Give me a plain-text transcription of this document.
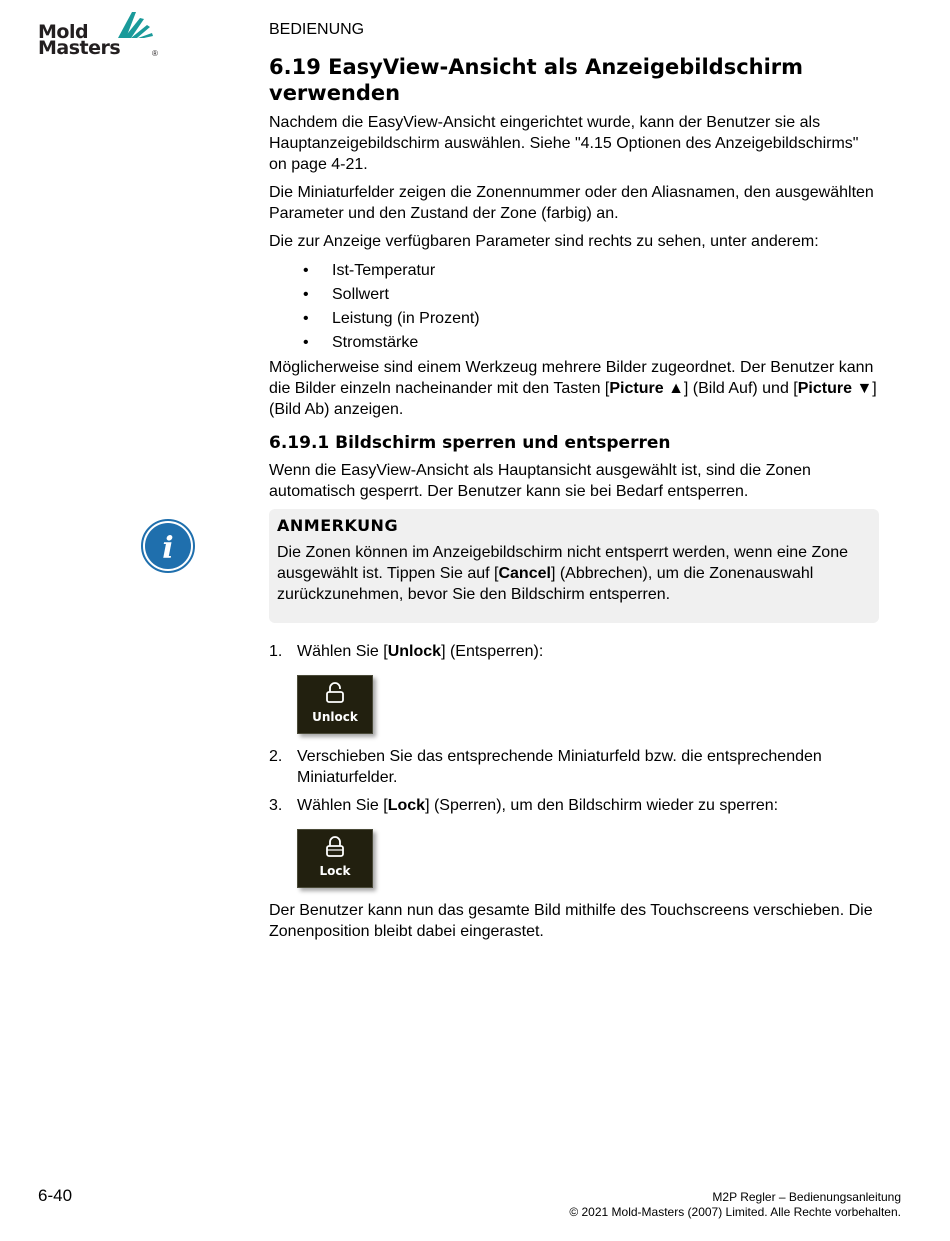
Mold
Masters	®
i
BEDIENUNG
6.19 EasyView-Ansicht als Anzeigebildschirm
verwenden

Nachdem die EasyView-Ansicht eingerichtet wurde, kann der Benutzer sie als Hauptanzeigebildschirm auswählen. Siehe "4.15 Optionen des Anzeigebildschirms" on page 4-21.

Die Miniaturfelder zeigen die Zonennummer oder den Aliasnamen, den ausgewählten Parameter und den Zustand der Zone (farbig) an.

Die zur Anzeige verfügbaren Parameter sind rechts zu sehen, unter anderem:

• Ist-Temperatur
• Sollwert
• Leistung (in Prozent)
• Stromstärke

Möglicherweise sind einem Werkzeug mehrere Bilder zugeordnet. Der Benutzer kann die Bilder einzeln nacheinander mit den Tasten [Picture ▲] (Bild Auf) und [Picture ▼] (Bild Ab) anzeigen.

6.19.1 Bildschirm sperren und entsperren

Wenn die EasyView-Ansicht als Hauptansicht ausgewählt ist, sind die Zonen automatisch gesperrt. Der Benutzer kann sie bei Bedarf entsperren.

ANMERKUNG

Die Zonen können im Anzeigebildschirm nicht entsperrt werden, wenn eine Zone ausgewählt ist. Tippen Sie auf [Cancel] (Abbrechen), um die Zonenauswahl zurückzunehmen, bevor Sie den Bildschirm entsperren.

1. Wählen Sie [Unlock] (Entsperren):
Unlock
2. Verschieben Sie das entsprechende Miniaturfeld bzw. die entsprechenden Miniaturfelder.
3. Wählen Sie [Lock] (Sperren), um den Bildschirm wieder zu sperren:
Lock

Der Benutzer kann nun das gesamte Bild mithilfe des Touchscreens verschieben. Die Zonenposition bleibt dabei eingerastet.

6-40	M2P Regler – Bedienungsanleitung
© 2021 Mold-Masters (2007) Limited. Alle Rechte vorbehalten.
